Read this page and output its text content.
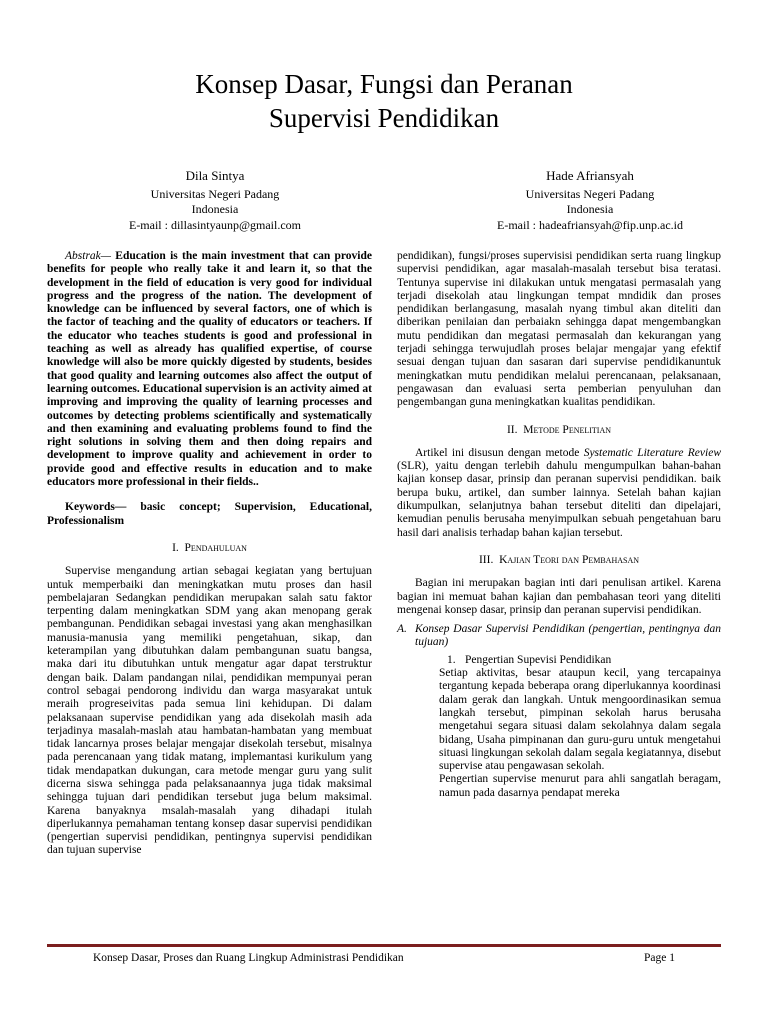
Konsep Dasar, Fungsi dan Peranan
Supervisi Pendidikan
Dila Sintya
Universitas Negeri Padang
Indonesia
E-mail : dillasintyaunp@gmail.com
Hade Afriansyah
Universitas Negeri Padang
Indonesia
E-mail : hadeafriansyah@fip.unp.ac.id

Abstrak— Education is the main investment that can provide benefits for people who really take it and learn it, so that the development in the field of education is very good for individual progress and the progress of the nation. The development of knowledge can be influenced by several factors, one of which is the factor of teaching and the quality of educators or teachers. If the educator who teaches students is good and professional in teaching as well as already has qualified expertise, of course knowledge will also be more quickly digested by students, besides that good quality and learning outcomes also affect the output of learning outcomes. Educational supervision is an activity aimed at improving and improving the quality of learning processes and outcomes by detecting problems scientifically and systematically and then examining and evaluating problems found to find the right solutions in solving them and then doing repairs and development to improve quality and achievement in order to provide good and effective results in education and to make educators more professional in their fields..

Keywords— basic concept; Supervision, Educational, Professionalism

I. Pendahuluan

Supervise mengandung artian sebagai kegiatan yang bertujuan untuk memperbaiki dan meningkatkan mutu proses dan hasil pembelajaran Sedangkan pendidikan merupakan salah satu faktor terpenting dalam meningkatkan SDM yang akan menopang gerak pembangunan. Pendidikan sebagai investasi yang akan menghasilkan manusia-manusia yang memiliki pengetahuan, sikap, dan keterampilan yang dibutuhkan dalam pembangunan suatu bangsa, maka dari itu dibutuhkan untuk mengatur agar dapat terstruktur dengan baik. Dalam pandangan nilai, pendidikan mempunyai peran control sebagai pendorong individu dan warga masyarakat untuk meraih progreseivitas pada semua lini kehidupan. Di dalam pelaksanaan supervise pendidikan yang ada disekolah masih ada terjadinya masalah-maslah atau hambatan-hambatan yang membuat tidak lancarnya proses belajar mengajar disekolah tersebut, misalnya pada perencanaan yang tidak matang, implemantasi kurikulum yang tidak mendapatkan dukungan, cara metode mengar guru yang sulit dicerna siswa sehingga pada pelaksanaannya juga tidak maksimal sehingga tujuan dari pendidikan tersebut juga belum maksimal. Karena banyaknya msalah-masalah yang dihadapi itulah diperlukannya pemahaman tentang konsep dasar supervisi pendidikan (pengertian supervisi pendidikan, pentingnya supervisi pendidikan dan tujuan supervise

pendidikan), fungsi/proses supervisisi pendidikan serta ruang lingkup supervisi pendidikan, agar masalah-masalah tersebut bisa teratasi. Tentunya supervise ini dilakukan untuk mengatasi permasalah yang terjadi disekolah atau lingkungan tempat mndidik dan proses pendidikan berlangasung, masalah nyang timbul akan diteliti dan diberikan penilaian dan perbaiakn sehingga dapat mengembangkan mutu pendidikan dan megatasi permasalah dan kekurangan yang terjadi sehingga terwujudlah proses belajar mengajar yang efektif sesuai dengan tujuan dan sasaran dari supervise pendidikanuntuk meningkatkan mutu pendidikan melalui perencanaan, pelaksanaan, pengawasan dan evaluasi serta pemberian penyuluhan dan pengembangan guna meningkatkan kualitas pendidikan.

II. Metode Penelitian

Artikel ini disusun dengan metode Systematic Literature Review (SLR), yaitu dengan terlebih dahulu mengumpulkan bahan-bahan kajian konsep dasar, prinsip dan peranan supervisi pendidikan. baik berupa buku, artikel, dan sumber lainnya. Setelah bahan kajian dikumpulkan, selanjutnya bahan tersebut diteliti dan dipelajari, kemudian penulis berusaha menyimpulkan sebuah pengetahuan baru hasil dari analisis terhadap bahan kajian tersebut.

III. Kajian Teori dan Pembahasan

Bagian ini merupakan bagian inti dari penulisan artikel. Karena bagian ini memuat bahan kajian dan pembahasan teori yang diteliti mengenai konsep dasar, prinsip dan peranan supervisi pendidikan.

A. Konsep Dasar Supervisi Pendidikan (pengertian, pentingnya dan tujuan)
1. Pengertian Supevisi Pendidikan

Setiap aktivitas, besar ataupun kecil, yang tercapainya tergantung kepada beberapa orang diperlukannya koordinasi dalam gerak dan langkah. Untuk mengoordinasikan semua langkah tersebut, pimpinan sekolah harus berusaha mengetahui segara situasi dalam sekolahnya dalam segala bidang, Usaha pimpinanan dan guru-guru untuk mengetahui situasi lingkungan sekolah dalam segala kegiatannya, disebut supervise atau pengawasan sekolah.

Pengertian supervise menurut para ahli sangatlah beragam, namun pada dasarnya pendapat mereka

Konsep Dasar, Proses dan Ruang Lingkup Administrasi Pendidikan	Page 1
